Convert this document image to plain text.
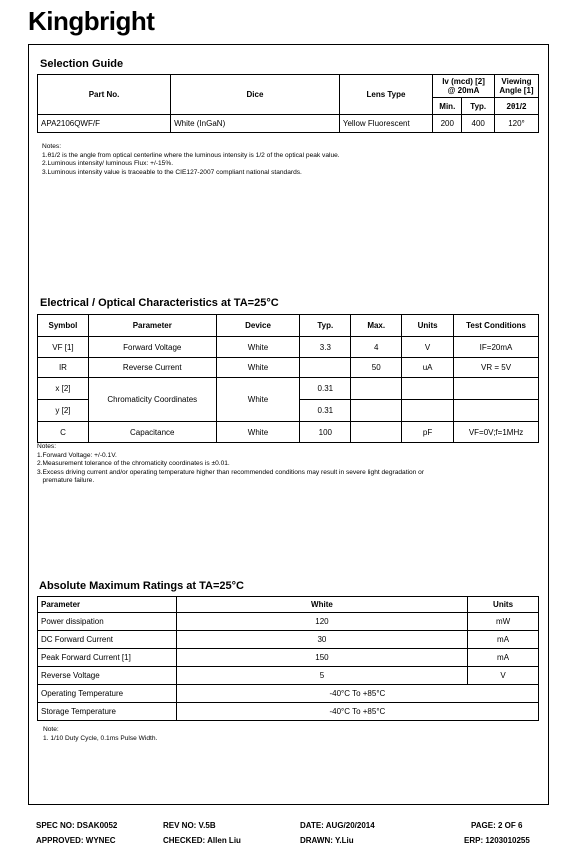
Kingbright
Selection Guide
Part No.	Dice	Lens Type	Iv (mcd) [2]
@ 20mA		Viewing
Angle [1]
			Min.	Typ.	2θ1/2
APA2106QWF/F	White (InGaN)	Yellow Fluorescent	200	400	120°
Notes:
1.θ1/2 is the angle from optical centerline where the luminous intensity is 1/2 of the optical peak value.
2.Luminous intensity/ luminous Flux: +/-15%.
3.Luminous intensity value is traceable to the CIE127-2007 compliant national standards.
Electrical / Optical Characteristics at TA=25°C
Symbol	Parameter	Device	Typ.	Max.	Units	Test Conditions
VF [1]	Forward Voltage	White	3.3	4	V	IF=20mA
IR	Reverse Current	White		50	uA	VR = 5V
x [2]	Chromaticity Coordinates	White	0.31			
y [2]			0.31			
C	Capacitance	White	100		pF	VF=0V;f=1MHz
Notes:
1.Forward Voltage: +/-0.1V.
2.Measurement tolerance of the chromaticity coordinates is ±0.01.
3.Excess driving current and/or operating temperature higher than recommended conditions may result in severe light degradation or
premature failure.
Absolute Maximum Ratings at TA=25°C
Parameter	White	Units
Power dissipation	120	mW
DC Forward Current	30	mA
Peak Forward Current [1]	150	mA
Reverse Voltage	5	V
Operating Temperature	-40°C To +85°C	
Storage Temperature	-40°C To +85°C	
Note:
1. 1/10 Duty Cycle, 0.1ms Pulse Width.
SPEC NO: DSAK0052	REV NO: V.5B	DATE: AUG/20/2014	PAGE: 2 OF 6
APPROVED: WYNEC	CHECKED: Allen Liu	DRAWN: Y.Liu	ERP: 1203010255
